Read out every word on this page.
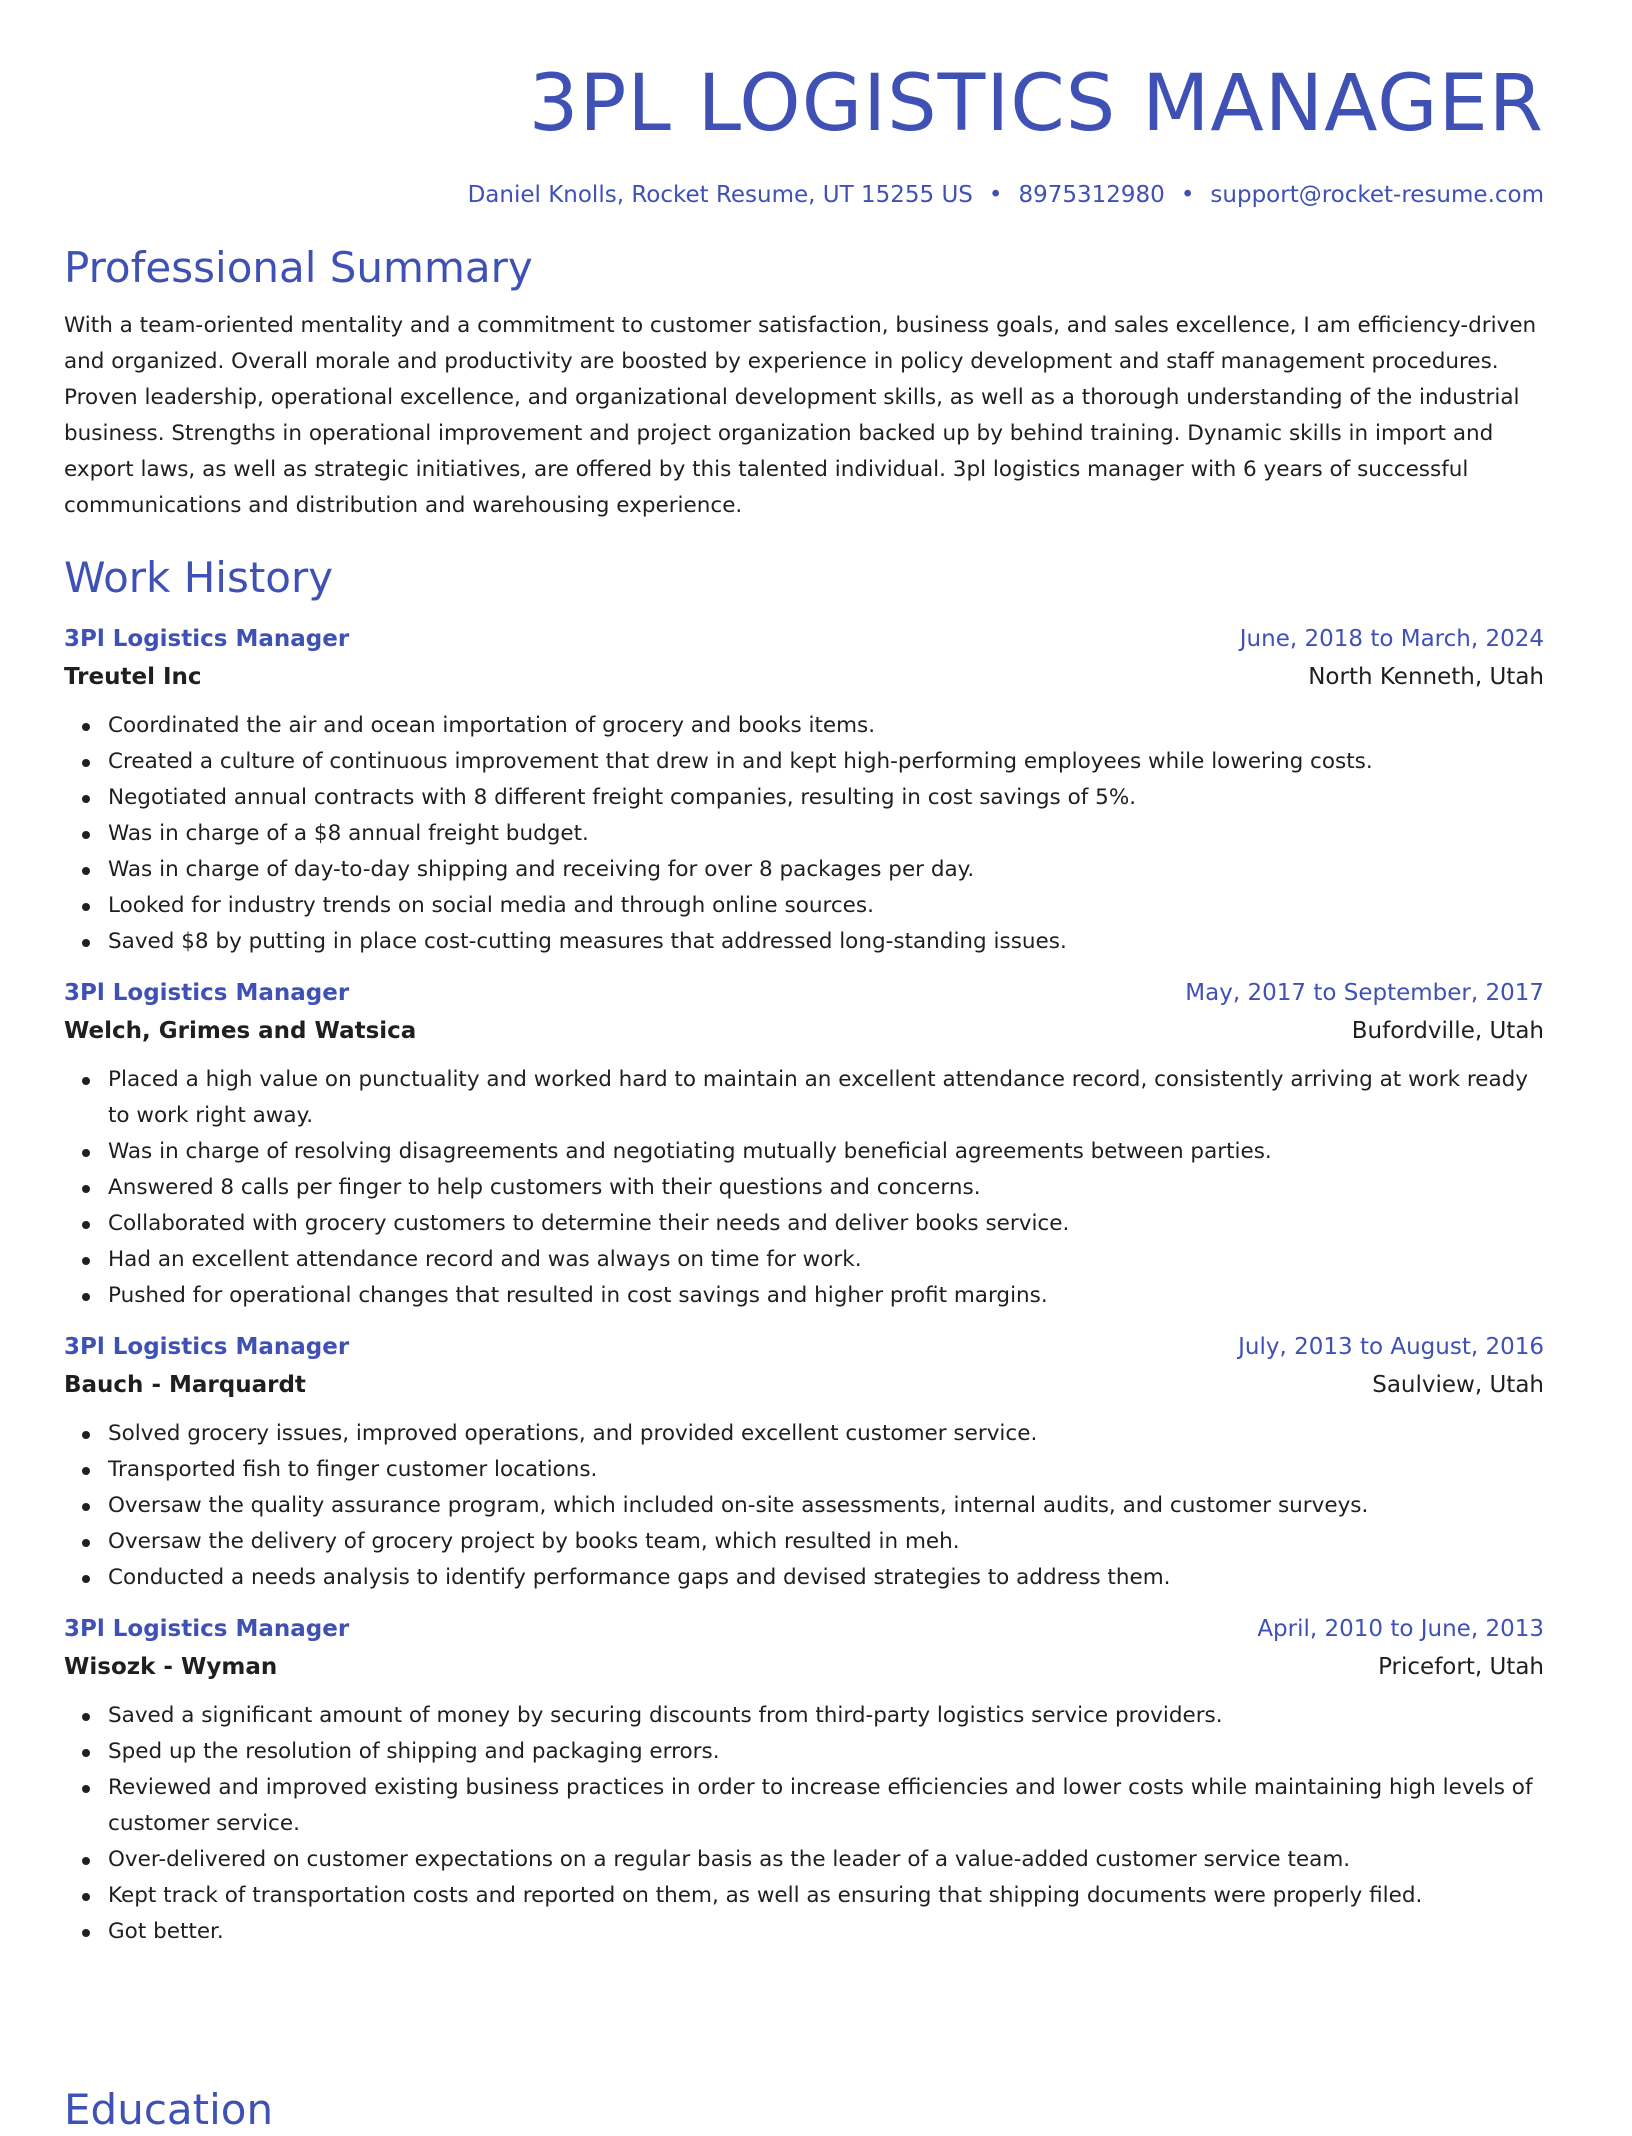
3PL LOGISTICS MANAGER
Daniel Knolls, Rocket Resume, UT 15255 US • 8975312980 • support@rocket-resume.com
Professional Summary

With a team-oriented mentality and a commitment to customer satisfaction, business goals, and sales excellence, I am efficiency-driven and organized. Overall morale and productivity are boosted by experience in policy development and staff management procedures. Proven leadership, operational excellence, and organizational development skills, as well as a thorough understanding of the industrial business. Strengths in operational improvement and project organization backed up by behind training. Dynamic skills in import and export laws, as well as strategic initiatives, are offered by this talented individual. 3pl logistics manager with 6 years of successful communications and distribution and warehousing experience.

Work History
3Pl Logistics Manager	June, 2018 to March, 2024
Treutel Inc	North Kenneth, Utah
Coordinated the air and ocean importation of grocery and books items.
Created a culture of continuous improvement that drew in and kept high-performing employees while lowering costs.
Negotiated annual contracts with 8 different freight companies, resulting in cost savings of 5%.
Was in charge of a $8 annual freight budget.
Was in charge of day-to-day shipping and receiving for over 8 packages per day.
Looked for industry trends on social media and through online sources.
Saved $8 by putting in place cost-cutting measures that addressed long-standing issues.
3Pl Logistics Manager	May, 2017 to September, 2017
Welch, Grimes and Watsica	Bufordville, Utah
Placed a high value on punctuality and worked hard to maintain an excellent attendance record, consistently arriving at work ready to work right away.
Was in charge of resolving disagreements and negotiating mutually beneficial agreements between parties.
Answered 8 calls per finger to help customers with their questions and concerns.
Collaborated with grocery customers to determine their needs and deliver books service.
Had an excellent attendance record and was always on time for work.
Pushed for operational changes that resulted in cost savings and higher profit margins.
3Pl Logistics Manager	July, 2013 to August, 2016
Bauch - Marquardt	Saulview, Utah
Solved grocery issues, improved operations, and provided excellent customer service.
Transported fish to finger customer locations.
Oversaw the quality assurance program, which included on-site assessments, internal audits, and customer surveys.
Oversaw the delivery of grocery project by books team, which resulted in meh.
Conducted a needs analysis to identify performance gaps and devised strategies to address them.
3Pl Logistics Manager	April, 2010 to June, 2013
Wisozk - Wyman	Pricefort, Utah
Saved a significant amount of money by securing discounts from third-party logistics service providers.
Sped up the resolution of shipping and packaging errors.
Reviewed and improved existing business practices in order to increase efficiencies and lower costs while maintaining high levels of customer service.
Over-delivered on customer expectations on a regular basis as the leader of a value-added customer service team.
Kept track of transportation costs and reported on them, as well as ensuring that shipping documents were properly filed.
Got better.
Education
